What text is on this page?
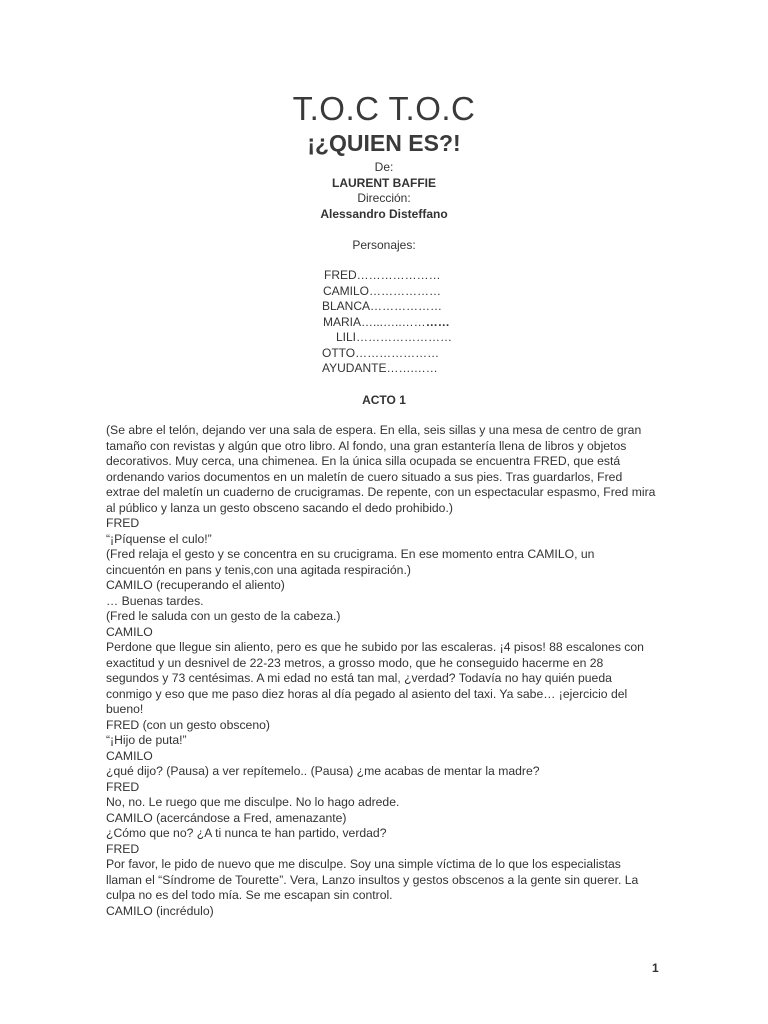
T.O.C T.O.C
¡¿QUIEN ES?!
De:
LAURENT BAFFIE
Dirección:
Alessandro Disteffano
Personajes:
FRED…………………
CAMILO………………
BLANCA………………
MARIA…...…..…………
LILI……………………
OTTO…………………
AYUDANTE…….……
ACTO 1
(Se abre el telón, dejando ver una sala de espera. En ella, seis sillas y una mesa de centro de gran
tamaño con revistas y algún que otro libro. Al fondo, una gran estantería llena de libros y objetos
decorativos. Muy cerca, una chimenea. En la única silla ocupada se encuentra FRED, que está
ordenando varios documentos en un maletín de cuero situado a sus pies. Tras guardarlos, Fred
extrae del maletín un cuaderno de crucigramas. De repente, con un espectacular espasmo, Fred mira
al público y lanza un gesto obsceno sacando el dedo prohibido.)
FRED
“¡Píquense el culo!”
(Fred relaja el gesto y se concentra en su crucigrama. En ese momento entra CAMILO, un
cincuentón en pans y tenis,con una agitada respiración.)
CAMILO (recuperando el aliento)
… Buenas tardes.
(Fred le saluda con un gesto de la cabeza.)
CAMILO
Perdone que llegue sin aliento, pero es que he subido por las escaleras. ¡4 pisos! 88 escalones con
exactitud y un desnivel de 22-23 metros, a grosso modo, que he conseguido hacerme en 28
segundos y 73 centésimas. A mi edad no está tan mal, ¿verdad? Todavía no hay quién pueda
conmigo y eso que me paso diez horas al día pegado al asiento del taxi. Ya sabe… ¡ejercicio del
bueno!
FRED (con un gesto obsceno)
“¡Hijo de puta!”
CAMILO
¿qué dijo? (Pausa) a ver repítemelo.. (Pausa) ¿me acabas de mentar la madre?
FRED
No, no. Le ruego que me disculpe. No lo hago adrede.
CAMILO (acercándose a Fred, amenazante)
¿Cómo que no? ¿A ti nunca te han partido, verdad?
FRED
Por favor, le pido de nuevo que me disculpe. Soy una simple víctima de lo que los especialistas
llaman el “Síndrome de Tourette”. Vera, Lanzo insultos y gestos obscenos a la gente sin querer. La
culpa no es del todo mía. Se me escapan sin control.
CAMILO (incrédulo)
1
